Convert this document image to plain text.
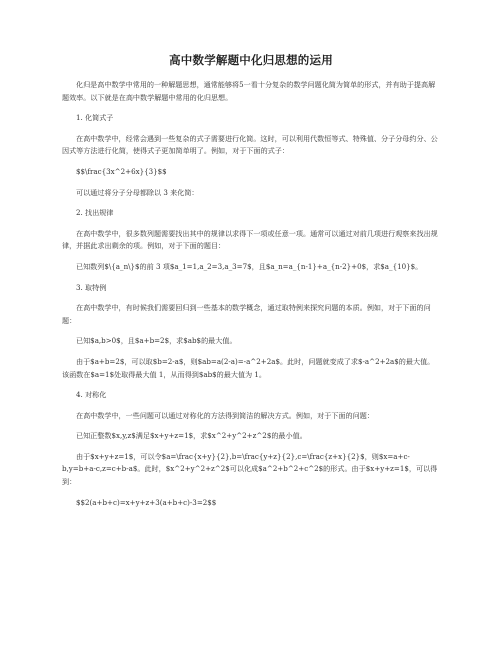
高中数学解题中化归思想的运用

化归是高中数学中常用的一种解题思想，通常能够将5一看十分复杂的数学问题化简为简单的形式，并有助于提高解题效率。以下就是在高中数学解题中常用的化归思想。

1. 化简式子

在高中数学中，经常会遇到一些复杂的式子需要进行化简。这时，可以利用代数恒等式、特殊值、分子分母约分、公因式等方法进行化简，使得式子更加简单明了。例如，对于下面的式子：

$$\frac{3x^2+6x}{3}$$

可以通过将分子分母都除以 3 来化简：

2. 找出规律

在高中数学中，很多数列题需要找出其中的规律以求得下一项或任意一项。通常可以通过对前几项进行观察来找出规律，并据此求出剩余的项。例如，对于下面的题目：

已知数列$\{a_n\}$的前 3 项$a_1=1,a_2=3,a_3=7$，且$a_n=a_{n-1}+a_{n-2}+0$，求$a_{10}$。

3. 取特例

在高中数学中，有时候我们需要回归到一些基本的数学概念，通过取特例来探究问题的本质。例如，对于下面的问题：

已知$a,b>0$，且$a+b=2$，求$ab$的最大值。

由于$a+b=2$，可以取$b=2-a$，则$ab=a(2-a)=-a^2+2a$。此时，问题就变成了求$-a^2+2a$的最大值。该函数在$a=1$处取得最大值 1，从而得到$ab$的最大值为 1。

4. 对称化

在高中数学中，一些问题可以通过对称化的方法得到简洁的解决方式。例如，对于下面的问题：

已知正整数$x,y,z$满足$x+y+z=1$，求$x^2+y^2+z^2$的最小值。

由于$x+y+z=1$，可以令$a=\frac{x+y}{2},b=\frac{y+z}{2},c=\frac{z+x}{2}$，则$x=a+c-b,y=b+a-c,z=c+b-a$。此时，$x^2+y^2+z^2$可以化成$a^2+b^2+c^2$的形式。由于$x+y+z=1$，可以得到：

$$2(a+b+c)=x+y+z+3(a+b+c)-3=2$$
